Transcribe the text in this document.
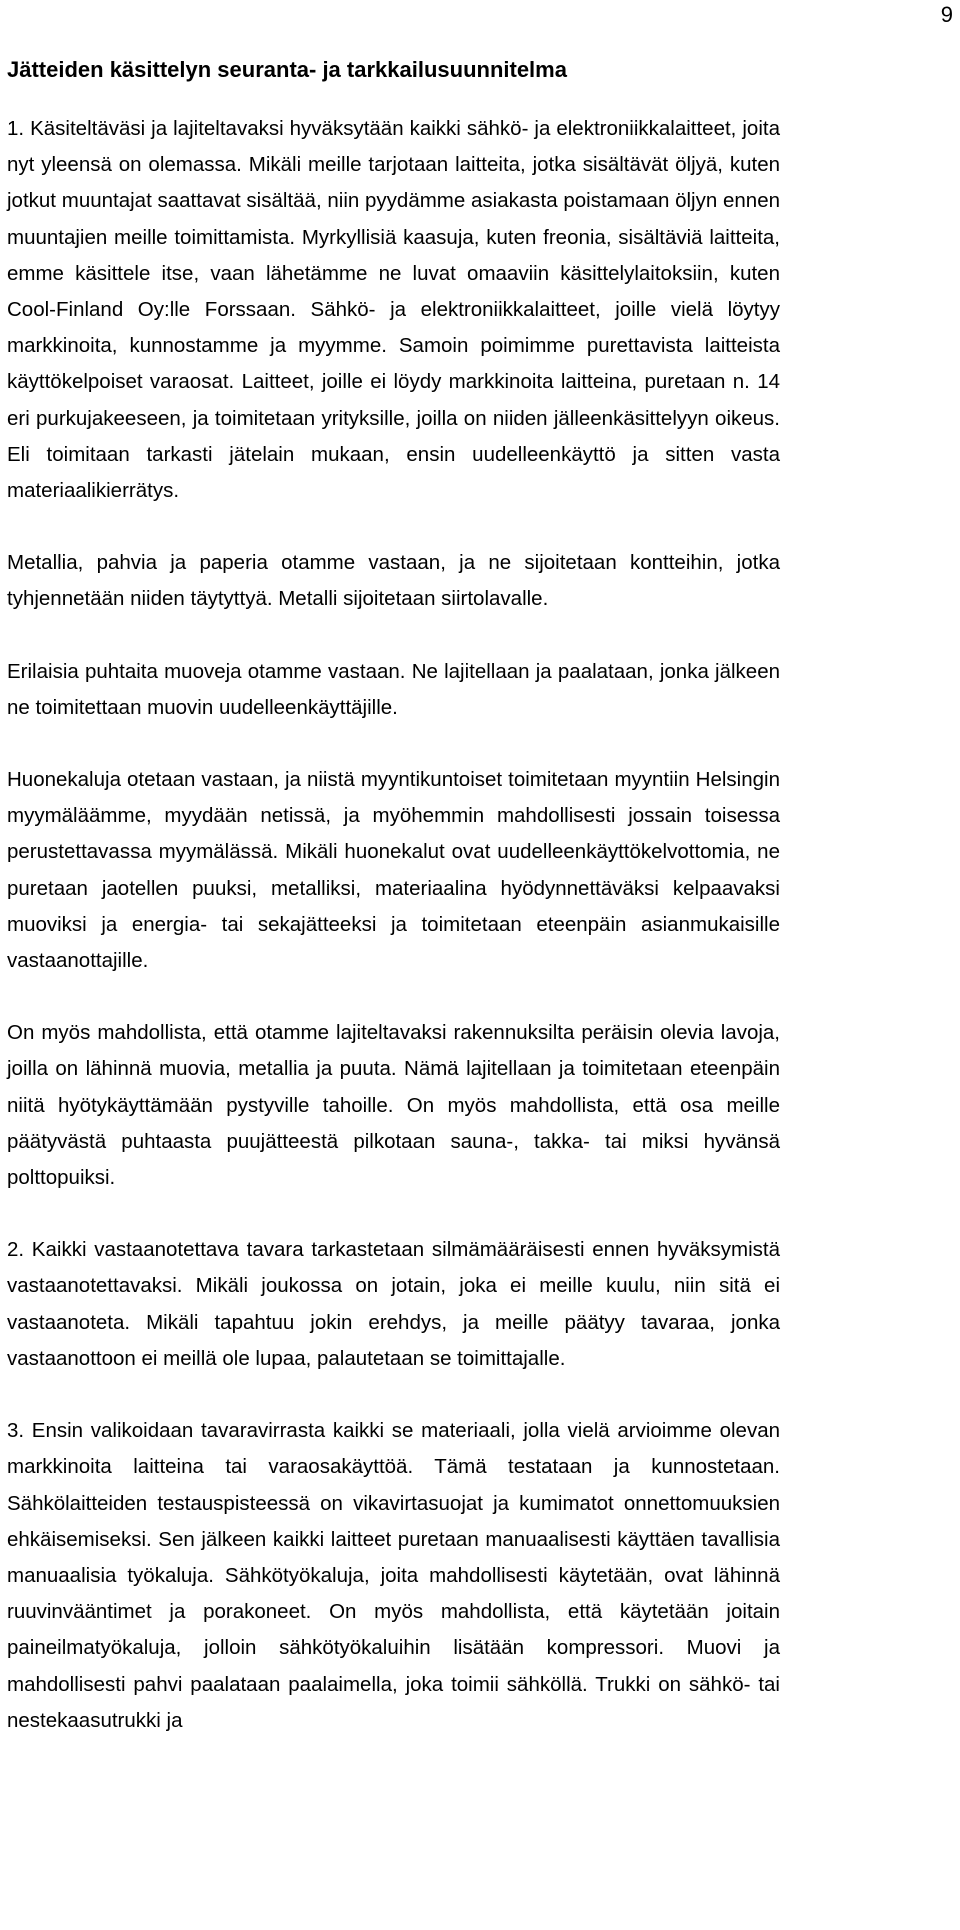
9
Jätteiden käsittelyn seuranta- ja tarkkailusuunnitelma

1. Käsiteltäväsi ja lajiteltavaksi hyväksytään kaikki sähkö- ja elektroniikkalaitteet, joita nyt yleensä on olemassa. Mikäli meille tarjotaan laitteita, jotka sisältävät öljyä, kuten jotkut muuntajat saattavat sisältää, niin pyydämme asiakasta poistamaan öljyn ennen muuntajien meille toimittamista. Myrkyllisiä kaasuja, kuten freonia, sisältäviä laitteita, emme käsittele itse, vaan lähetämme ne luvat omaaviin käsittelylaitoksiin, kuten Cool-Finland Oy:lle Forssaan. Sähkö- ja elektroniikkalaitteet, joille vielä löytyy markkinoita, kunnostamme ja myymme. Samoin poimimme purettavista laitteista käyttökelpoiset varaosat. Laitteet, joille ei löydy markkinoita laitteina, puretaan n. 14 eri purkujakeeseen, ja toimitetaan yrityksille, joilla on niiden jälleenkäsittelyyn oikeus. Eli toimitaan tarkasti jätelain mukaan, ensin uudelleenkäyttö ja sitten vasta materiaalikierrätys.

Metallia, pahvia ja paperia otamme vastaan, ja ne sijoitetaan kontteihin, jotka tyhjennetään niiden täytyttyä. Metalli sijoitetaan siirtolavalle.

Erilaisia puhtaita muoveja otamme vastaan. Ne lajitellaan ja paalataan, jonka jälkeen ne toimitettaan muovin uudelleenkäyttäjille.

Huonekaluja otetaan vastaan, ja niistä myyntikuntoiset toimitetaan myyntiin Helsingin myymäläämme, myydään netissä, ja myöhemmin mahdollisesti jossain toisessa perustettavassa myymälässä. Mikäli huonekalut ovat uudelleenkäyttökelvottomia, ne puretaan jaotellen puuksi, metalliksi, materiaalina hyödynnettäväksi kelpaavaksi muoviksi ja energia- tai sekajätteeksi ja toimitetaan eteenpäin asianmukaisille vastaanottajille.

On myös mahdollista, että otamme lajiteltavaksi rakennuksilta peräisin olevia lavoja, joilla on lähinnä muovia, metallia ja puuta. Nämä lajitellaan ja toimitetaan eteenpäin niitä hyötykäyttämään pystyville tahoille. On myös mahdollista, että osa meille päätyvästä puhtaasta puujätteestä pilkotaan sauna-, takka- tai miksi hyvänsä polttopuiksi.

2. Kaikki vastaanotettava tavara tarkastetaan silmämääräisesti ennen hyväksymistä vastaanotettavaksi. Mikäli joukossa on jotain, joka ei meille kuulu, niin sitä ei vastaanoteta. Mikäli tapahtuu jokin erehdys, ja meille päätyy tavaraa, jonka vastaanottoon ei meillä ole lupaa, palautetaan se toimittajalle.

3. Ensin valikoidaan tavaravirrasta kaikki se materiaali, jolla vielä arvioimme olevan markkinoita laitteina tai varaosakäyttöä. Tämä testataan ja kunnostetaan. Sähkölaitteiden testauspisteessä on vikavirtasuojat ja kumimatot onnettomuuksien ehkäisemiseksi. Sen jälkeen kaikki laitteet puretaan manuaalisesti käyttäen tavallisia manuaalisia työkaluja. Sähkötyökaluja, joita mahdollisesti käytetään, ovat lähinnä ruuvinvääntimet ja porakoneet. On myös mahdollista, että käytetään joitain paineilmatyökaluja, jolloin sähkötyökaluihin lisätään kompressori. Muovi ja mahdollisesti pahvi paalataan paalaimella, joka toimii sähköllä. Trukki on sähkö- tai nestekaasutrukki ja
